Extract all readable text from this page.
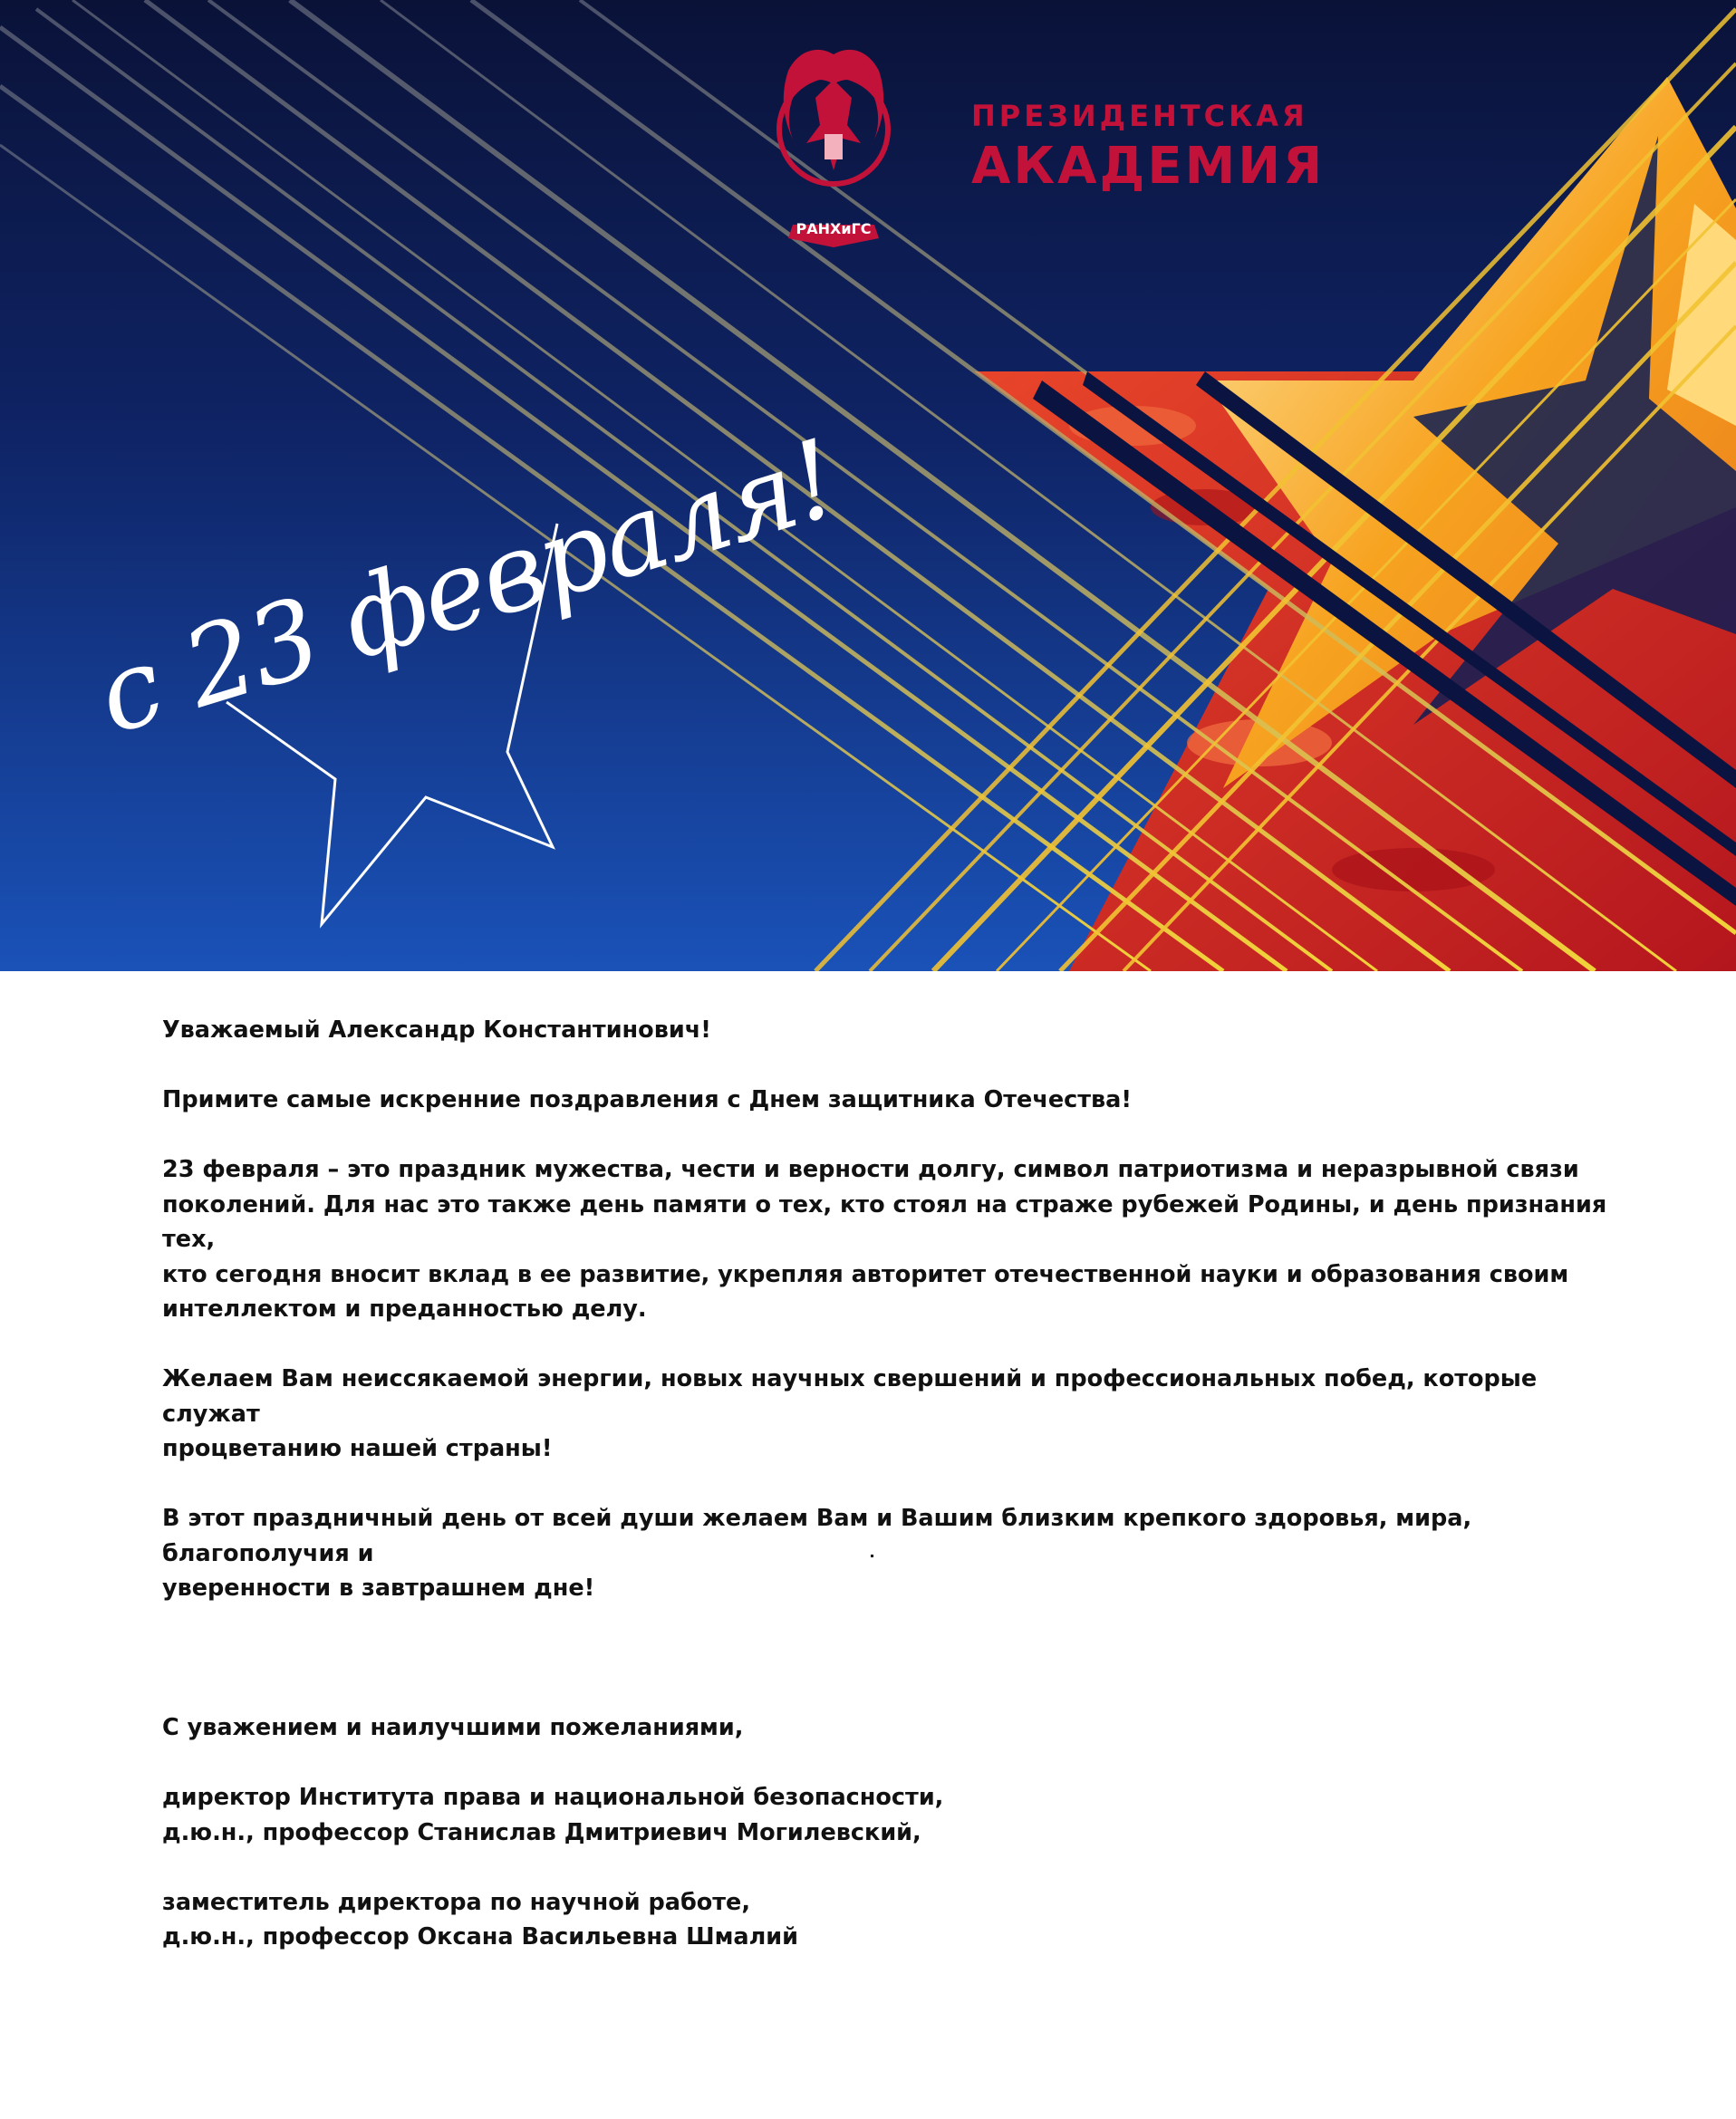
РАНХиГС
ПРЕЗИДЕНТСКАЯ
АКАДЕМИЯ
с 23 февраля!

Уважаемый Александр Константинович!

Примите самые искренние поздравления с Днем защитника Отечества!

23 февраля – это праздник мужества, чести и верности долгу, символ патриотизма и неразрывной связи

поколений. Для нас это также день памяти о тех, кто стоял на страже рубежей Родины, и день признания тех,

кто сегодня вносит вклад в ее развитие, укрепляя авторитет отечественной науки и образования своим

интеллектом и преданностью делу.

Желаем Вам неиссякаемой энергии, новых научных свершений и профессиональных побед, которые служат

процветанию нашей страны!

В этот праздничный день от всей души желаем Вам и Вашим близким крепкого здоровья, мира, благополучия и

уверенности в завтрашнем дне!

С уважением и наилучшими пожеланиями,

директор Института права и национальной безопасности,

д.ю.н., профессор Станислав Дмитриевич Могилевский,

заместитель директора по научной работе,

д.ю.н., профессор Оксана Васильевна Шмалий
